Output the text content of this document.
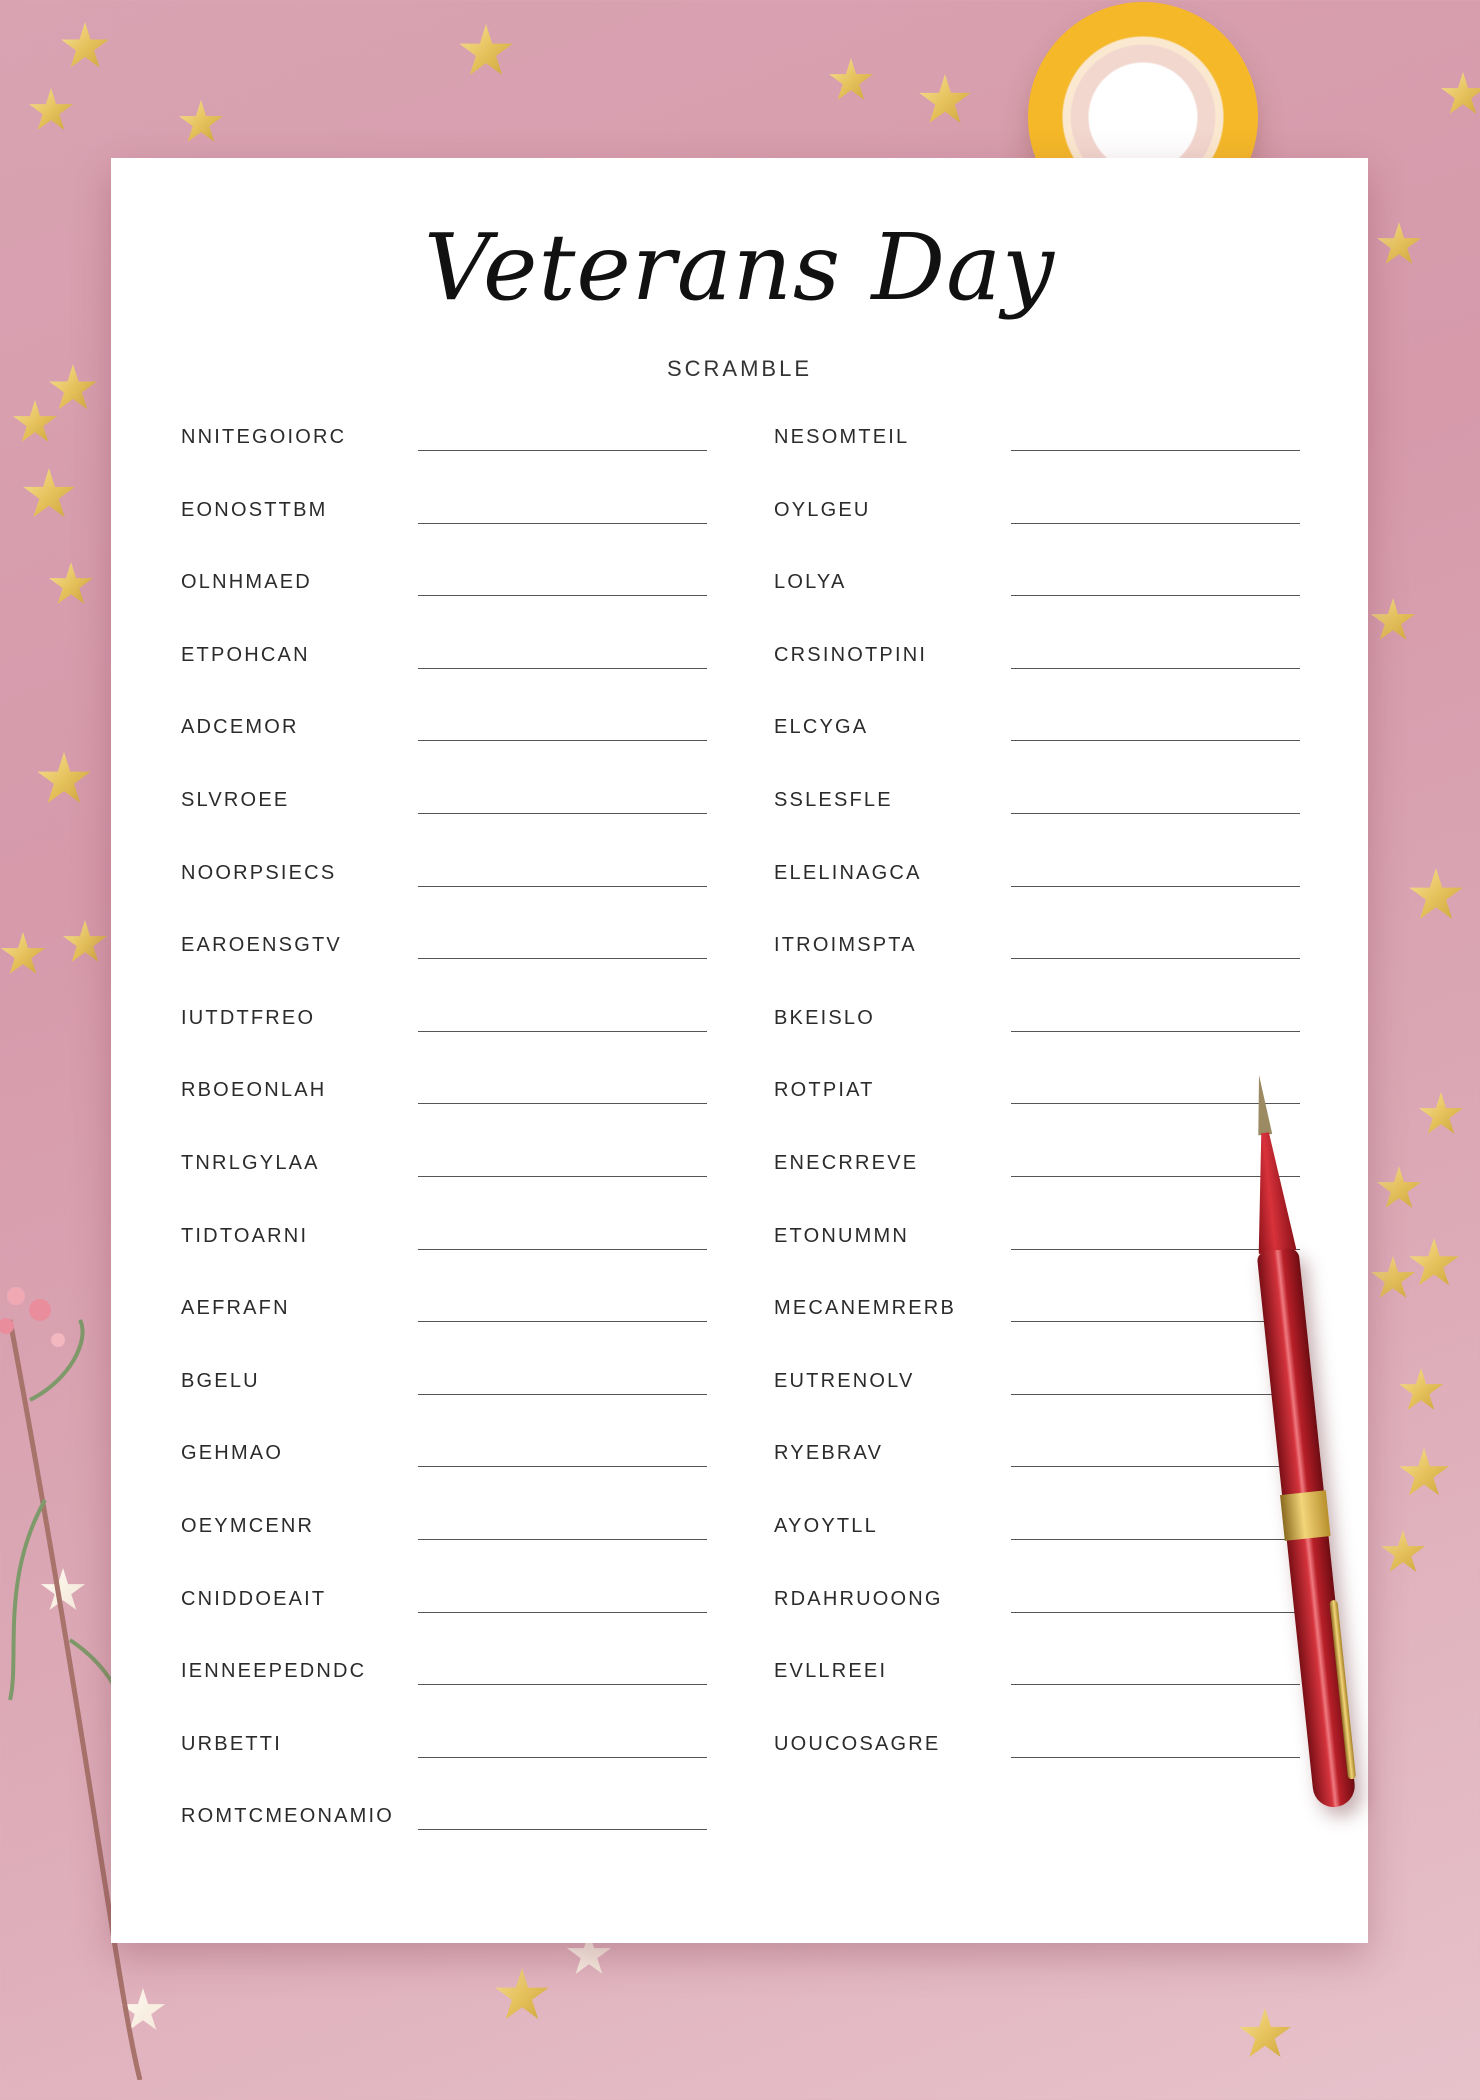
Veterans Day
SCRAMBLE
NNITEGOIORC
EONOSTTBM
OLNHMAED
ETPOHCAN
ADCEMOR
SLVROEE
NOORPSIECS
EAROENSGTV
IUTDTFREO
RBOEONLAH
TNRLGYLAA
TIDTOARNI
AEFRAFN
BGELU
GEHMAO
OEYMCENR
CNIDDOEAIT
IENNEEPEDNDC
URBETTI
ROMTCMEONAMIO
NESOMTEIL
OYLGEU
LOLYA
CRSINOTPINI
ELCYGA
SSLESFLE
ELELINAGCA
ITROIMSPTA
BKEISLO
ROTPIAT
ENECRREVE
ETONUMMN
MECANEMRERB
EUTRENOLV
RYEBRAV
AYOYTLL
RDAHRUOONG
EVLLREEI
UOUCOSAGRE
